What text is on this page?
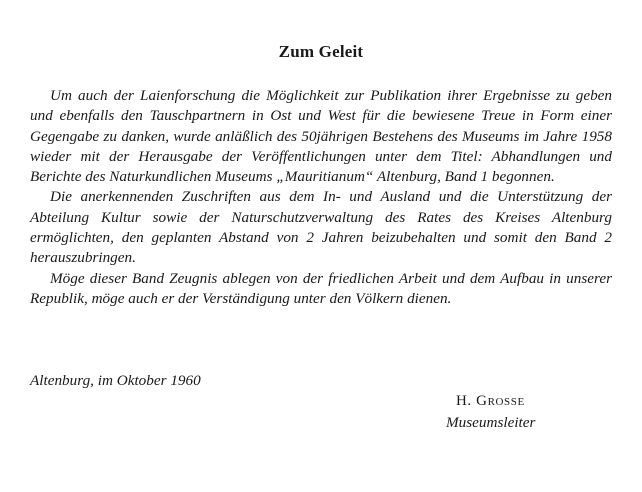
Zum Geleit

Um auch der Laienforschung die Möglichkeit zur Publikation ihrer Ergebnisse zu geben und ebenfalls den Tauschpartnern in Ost und West für die bewiesene Treue in Form einer Gegengabe zu danken, wurde anläßlich des 50jährigen Bestehens des Museums im Jahre 1958 wieder mit der Herausgabe der Veröffentlichungen unter dem Titel: Abhandlungen und Berichte des Naturkundlichen Museums „Mauritianum“ Altenburg, Band 1 begonnen.

Die anerkennenden Zuschriften aus dem In- und Ausland und die Unterstützung der Abteilung Kultur sowie der Naturschutzverwaltung des Rates des Kreises Altenburg ermöglichten, den geplanten Abstand von 2 Jahren beizubehalten und somit den Band 2 herauszubringen.

Möge dieser Band Zeugnis ablegen von der friedlichen Arbeit und dem Aufbau in unserer Republik, möge auch er der Verständigung unter den Völkern dienen.

Altenburg, im Oktober 1960

H. Grosse

Museumsleiter
